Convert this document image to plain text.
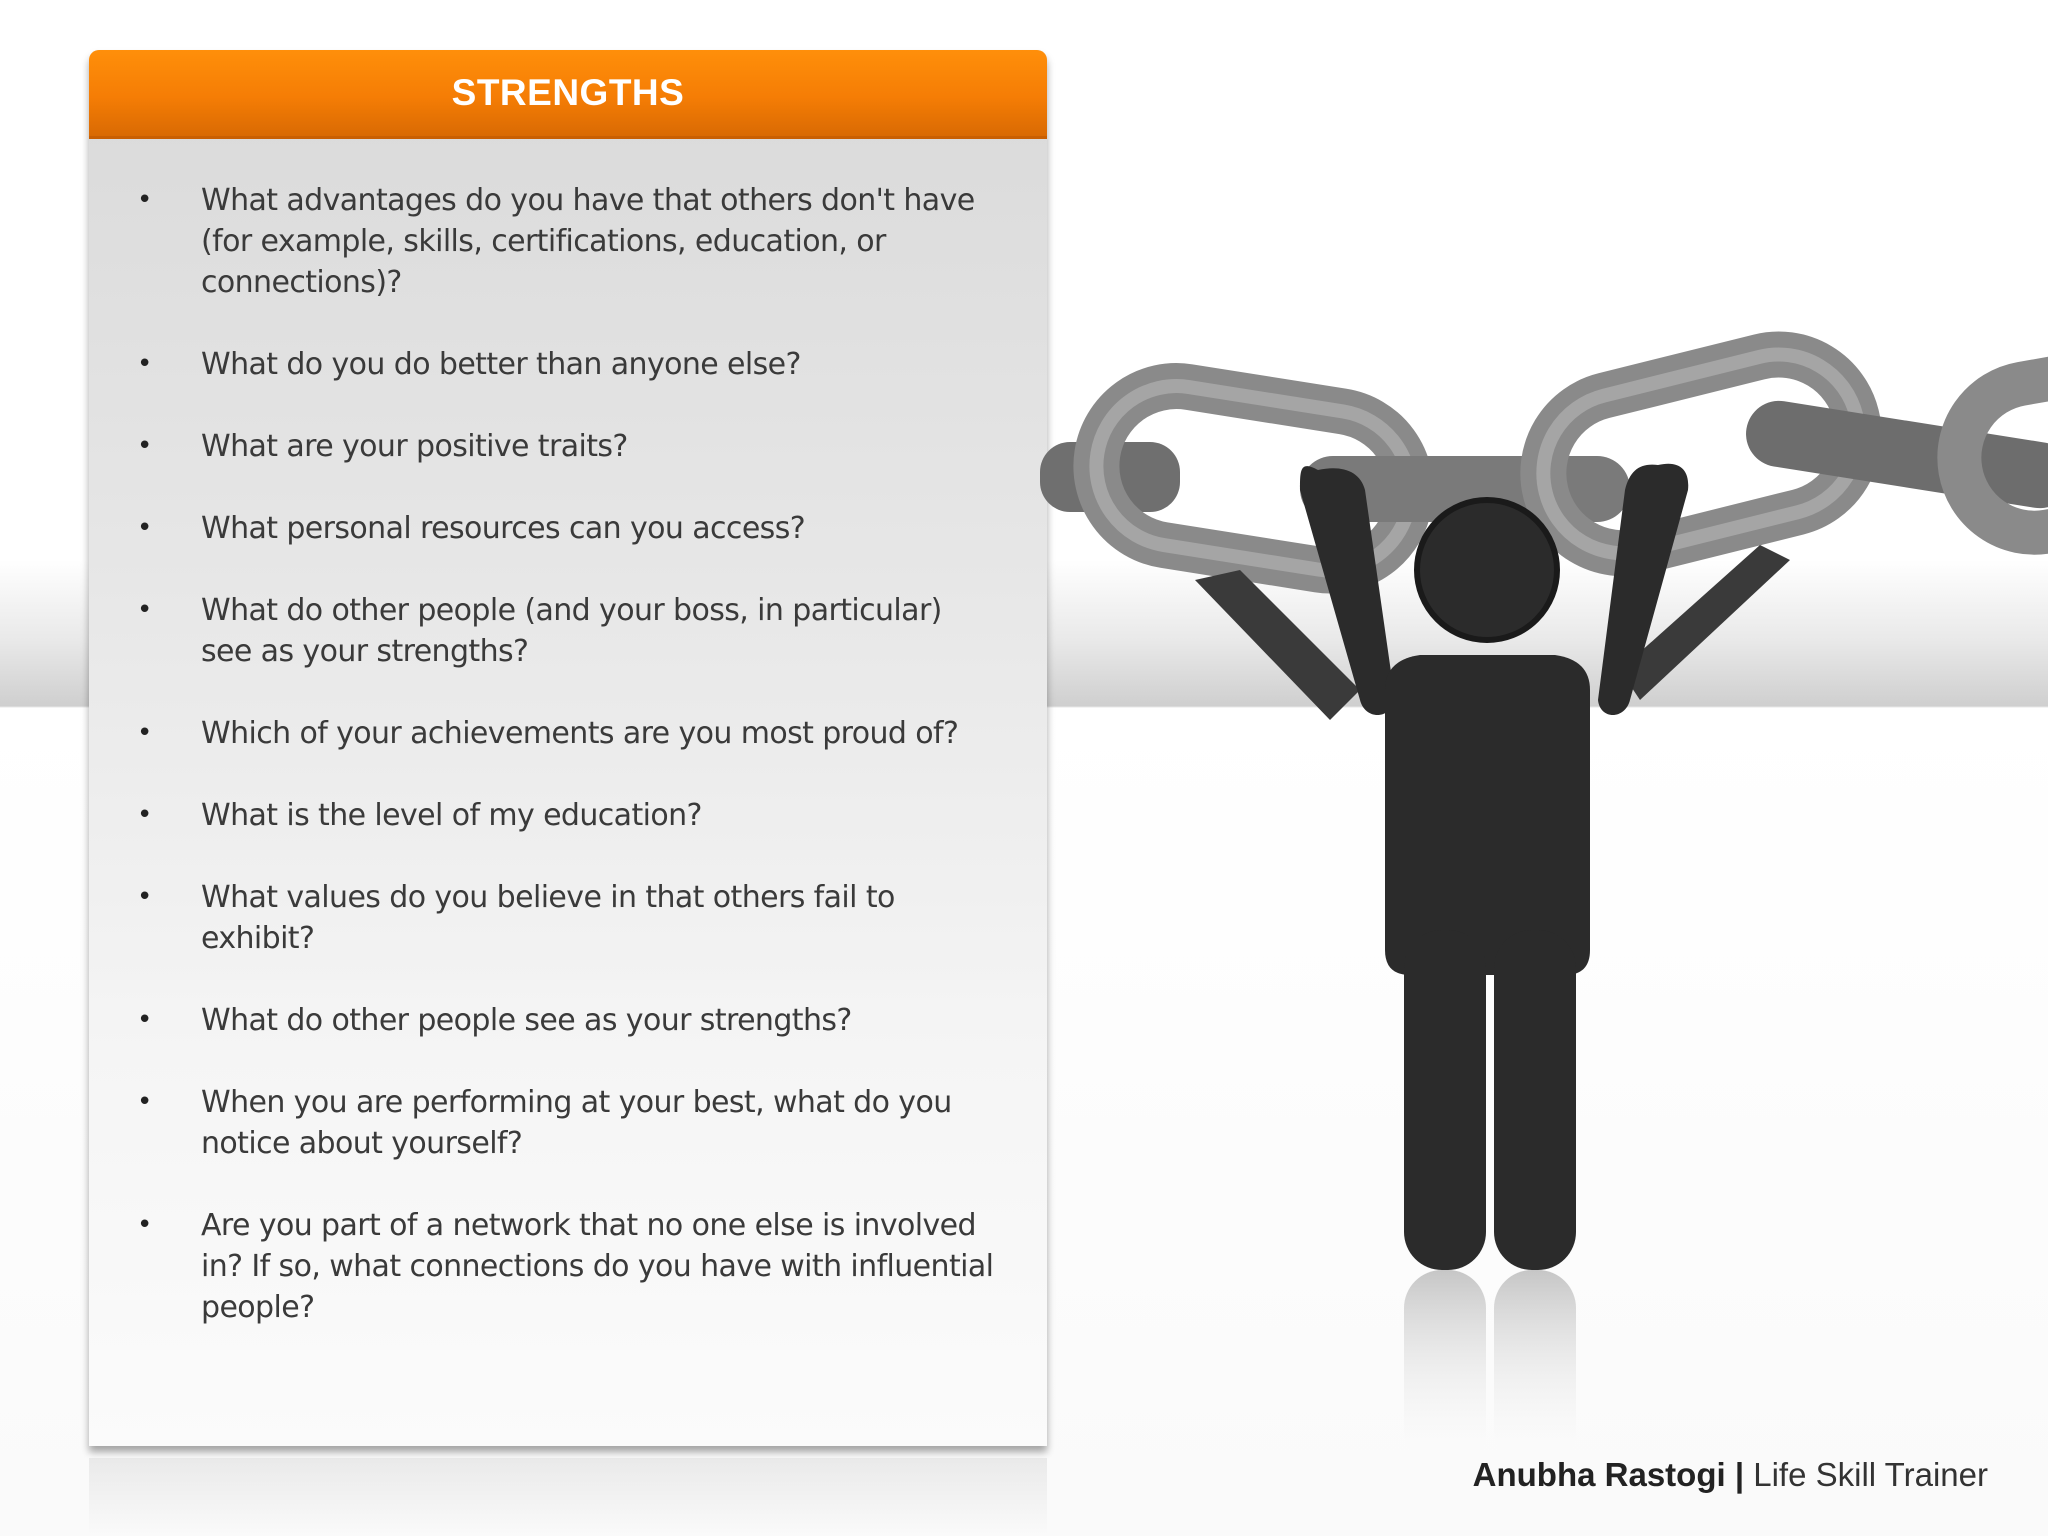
STRENGTHS
• What advantages do you have that others don't have (for example, skills, certifications, education, or connections)?
• What do you do better than anyone else?
• What are your positive traits?
• What personal resources can you access?
• What do other people (and your boss, in particular) see as your strengths?
• Which of your achievements are you most proud of?
• What is the level of my education?
• What values do you believe in that others fail to exhibit?
• What do other people see as your strengths?
• When you are performing at your best, what do you notice about yourself?
• Are you part of a network that no one else is involved in? If so, what connections do you have with influential people?
Anubha Rastogi | Life Skill Trainer
